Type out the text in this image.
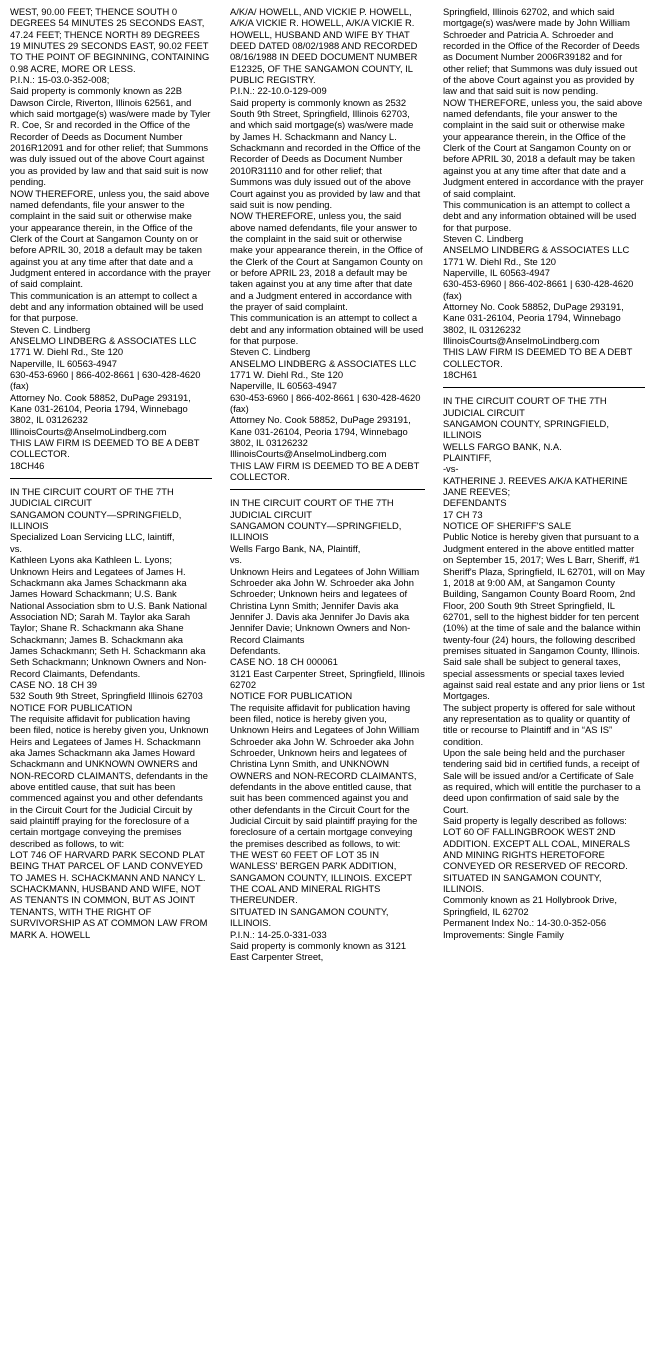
WEST, 90.00 FEET; THENCE SOUTH 0 DEGREES 54 MINUTES 25 SECONDS EAST, 47.24 FEET; THENCE NORTH 89 DEGREES 19 MINUTES 29 SECONDS EAST, 90.02 FEET TO THE POINT OF BEGINNING, CONTAINING 0.98 ACRE, MORE OR LESS.
P.I.N.: 15-03.0-352-008;
Said property is commonly known as 22B Dawson Circle, Riverton, Illinois 62561, and which said mortgage(s) was/were made by Tyler R. Coe, Sr and recorded in the Office of the Recorder of Deeds as Document Number 2016R12091 and for other relief; that Summons was duly issued out of the above Court against you as provided by law and that said suit is now pending.
NOW THEREFORE, unless you, the said above named defendants, file your answer to the complaint in the said suit or otherwise make your appearance therein, in the Office of the Clerk of the Court at Sangamon County on or before APRIL 30, 2018 a default may be taken against you at any time after that date and a Judgment entered in accordance with the prayer of said complaint.
This communication is an attempt to collect a debt and any information obtained will be used for that purpose.
Steven C. Lindberg
ANSELMO LINDBERG & ASSOCIATES LLC
1771 W. Diehl Rd., Ste 120
Naperville, IL 60563-4947
630-453-6960 | 866-402-8661 | 630-428-4620 (fax)
Attorney No. Cook 58852, DuPage 293191, Kane 031-26104, Peoria 1794, Winnebago 3802, IL 03126232
IllinoisCourts@AnselmoLindberg.com
THIS LAW FIRM IS DEEMED TO BE A DEBT COLLECTOR.
18CH46

IN THE CIRCUIT COURT OF THE 7TH JUDICIAL CIRCUIT
SANGAMON COUNTY—SPRINGFIELD, ILLINOIS
Specialized Loan Servicing LLC, laintiff,
vs.
Kathleen Lyons aka Kathleen L. Lyons; Unknown Heirs and Legatees of James H. Schackmann aka James Schackmann aka James Howard Schackmann; U.S. Bank National Association sbm to U.S. Bank National Association ND; Sarah M. Taylor aka Sarah Taylor; Shane R. Schackmann aka Shane Schackmann; James B. Schackmann aka James Schackmann; Seth H. Schackmann aka Seth Schackmann; Unknown Owners and Non-Record Claimants, Defendants.
CASE NO. 18 CH 39
532 South 9th Street, Springfield Illinois 62703
NOTICE FOR PUBLICATION
The requisite affidavit for publication having been filed, notice is hereby given you, Unknown Heirs and Legatees of James H. Schackmann aka James Schackmann aka James Howard Schackmann and UNKNOWN OWNERS and NON-RECORD CLAIMANTS, defendants in the above entitled cause, that suit has been commenced against you and other defendants in the Circuit Court for the Judicial Circuit by said plaintiff praying for the foreclosure of a certain mortgage conveying the premises described as follows, to wit:
LOT 746 OF HARVARD PARK SECOND PLAT
BEING THAT PARCEL OF LAND CONVEYED TO JAMES H. SCHACKMANN AND NANCY L. SCHACKMANN, HUSBAND AND WIFE, NOT AS TENANTS IN COMMON, BUT AS JOINT TENANTS, WITH THE RIGHT OF SURVIVORSHIP AS AT COMMON LAW FROM MARK A. HOWELL

A/K/A/ HOWELL, AND VICKIE P. HOWELL, A/K/A VICKIE R. HOWELL, A/K/A VICKIE R. HOWELL, HUSBAND AND WIFE BY THAT DEED DATED 08/02/1988 AND RECORDED 08/16/1988 IN DEED DOCUMENT NUMBER E12325, OF THE SANGAMON COUNTY, IL PUBLIC REGISTRY.
P.I.N.: 22-10.0-129-009
Said property is commonly known as 2532 South 9th Street, Springfield, Illinois 62703, and which said mortgage(s) was/were made by James H. Schackmann and Nancy L. Schackmann and recorded in the Office of the Recorder of Deeds as Document Number 2010R31110 and for other relief; that Summons was duly issued out of the above Court against you as provided by law and that said suit is now pending.
NOW THEREFORE, unless you, the said above named defendants, file your answer to the complaint in the said suit or otherwise make your appearance therein, in the Office of the Clerk of the Court at Sangamon County on or before APRIL 23, 2018 a default may be taken against you at any time after that date and a Judgment entered in accordance with the prayer of said complaint.
This communication is an attempt to collect a debt and any information obtained will be used for that purpose.
Steven C. Lindberg
ANSELMO LINDBERG & ASSOCIATES LLC
1771 W. Diehl Rd., Ste 120
Naperville, IL 60563-4947
630-453-6960 | 866-402-8661 | 630-428-4620 (fax)
Attorney No. Cook 58852, DuPage 293191, Kane 031-26104, Peoria 1794, Winnebago 3802, IL 03126232
IllinoisCourts@AnselmoLindberg.com
THIS LAW FIRM IS DEEMED TO BE A DEBT COLLECTOR.

IN THE CIRCUIT COURT OF THE 7TH JUDICIAL CIRCUIT
SANGAMON COUNTY—SPRINGFIELD, ILLINOIS
Wells Fargo Bank, NA, Plaintiff,
vs.
Unknown Heirs and Legatees of John William Schroeder aka John W. Schroeder aka John Schroeder; Unknown heirs and legatees of Christina Lynn Smith; Jennifer Davis aka Jennifer J. Davis aka Jennifer Jo Davis aka Jennifer Davie; Unknown Owners and Non-Record Claimants
Defendants.
CASE NO. 18 CH 000061
3121 East Carpenter Street, Springfield, Illinois 62702
NOTICE FOR PUBLICATION
The requisite affidavit for publication having been filed, notice is hereby given you, Unknown Heirs and Legatees of John William Schroeder aka John W. Schroeder aka John Schroeder, Unknown heirs and legatees of Christina Lynn Smith, and UNKNOWN OWNERS and NON-RECORD CLAIMANTS, defendants in the above entitled cause, that suit has been commenced against you and other defendants in the Circuit Court for the Judicial Circuit by said plaintiff praying for the foreclosure of a certain mortgage conveying the premises described as follows, to wit:
THE WEST 60 FEET OF LOT 35 IN WANLESS' BERGEN PARK ADDITION, SANGAMON COUNTY, ILLINOIS. EXCEPT THE COAL AND MINERAL RIGHTS THEREUNDER.
SITUATED IN SANGAMON COUNTY, ILLINOIS.
P.I.N.: 14-25.0-331-033
Said property is commonly known as 3121 East Carpenter Street,

Springfield, Illinois 62702, and which said mortgage(s) was/were made by John William Schroeder and Patricia A. Schroeder and recorded in the Office of the Recorder of Deeds as Document Number 2006R39182 and for other relief; that Summons was duly issued out of the above Court against you as provided by law and that said suit is now pending.
NOW THEREFORE, unless you, the said above named defendants, file your answer to the complaint in the said suit or otherwise make your appearance therein, in the Office of the Clerk of the Court at Sangamon County on or before APRIL 30, 2018 a default may be taken against you at any time after that date and a Judgment entered in accordance with the prayer of said complaint.
This communication is an attempt to collect a debt and any information obtained will be used for that purpose.
Steven C. Lindberg
ANSELMO LINDBERG & ASSOCIATES LLC
1771 W. Diehl Rd., Ste 120
Naperville, IL 60563-4947
630-453-6960 | 866-402-8661 | 630-428-4620 (fax)
Attorney No. Cook 58852, DuPage 293191, Kane 031-26104, Peoria 1794, Winnebago 3802, IL 03126232
IllinoisCourts@AnselmoLindberg.com
THIS LAW FIRM IS DEEMED TO BE A DEBT COLLECTOR.
18CH61

IN THE CIRCUIT COURT OF THE 7TH JUDICIAL CIRCUIT
SANGAMON COUNTY, SPRINGFIELD, ILLINOIS
WELLS FARGO BANK, N.A.
PLAINTIFF,
-vs-
KATHERINE J. REEVES A/K/A KATHERINE JANE REEVES;
DEFENDANTS
17 CH 73
NOTICE OF SHERIFF'S SALE
Public Notice is hereby given that pursuant to a Judgment entered in the above entitled matter on September 15, 2017; Wes L Barr, Sheriff, #1 Sheriff's Plaza, Springfield, IL 62701, will on May 1, 2018 at 9:00 AM, at Sangamon County Building, Sangamon County Board Room, 2nd Floor, 200 South 9th Street Springfield, IL 62701, sell to the highest bidder for ten percent (10%) at the time of sale and the balance within twenty-four (24) hours, the following described premises situated in Sangamon County, Illinois.
Said sale shall be subject to general taxes, special assessments or special taxes levied against said real estate and any prior liens or 1st Mortgages.
The subject property is offered for sale without any representation as to quality or quantity of title or recourse to Plaintiff and in “AS IS” condition.
Upon the sale being held and the purchaser tendering said bid in certified funds, a receipt of Sale will be issued and/or a Certificate of Sale as required, which will entitle the purchaser to a deed upon confirmation of said sale by the Court.
Said property is legally described as follows:
LOT 60 OF FALLINGBROOK WEST 2ND ADDITION. EXCEPT ALL COAL, MINERALS AND MINING RIGHTS HERETOFORE CONVEYED OR RESERVED OF RECORD.
SITUATED IN SANGAMON COUNTY, ILLINOIS.
Commonly known as 21 Hollybrook Drive, Springfield, IL 62702
Permanent Index No.: 14-30.0-352-056
Improvements: Single Family
